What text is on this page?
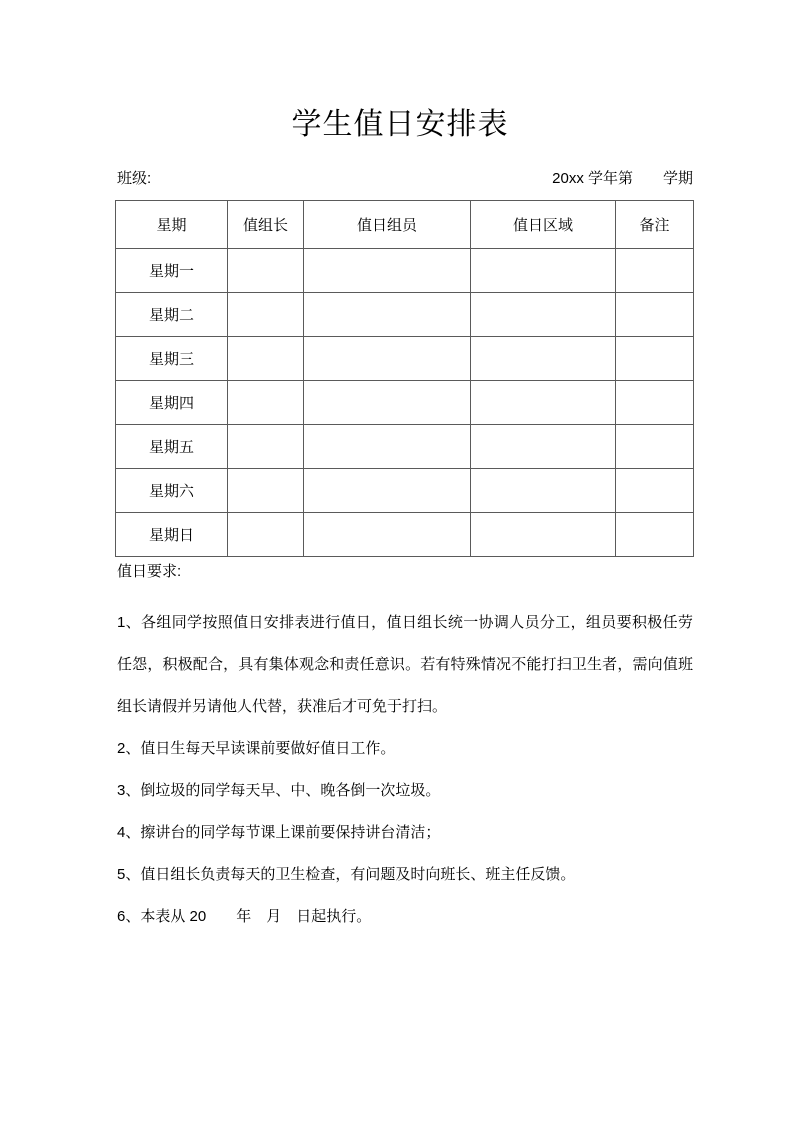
学生值日安排表
班级:	20xx 学年第　　学期
星期	值组长	值日组员	值日区域	备注
星期一				
星期二				
星期三				
星期四				
星期五				
星期六				
星期日				
值日要求:

1、各组同学按照值日安排表进行值日，值日组长统一协调人员分工，组员要积极任劳任怨，积极配合，具有集体观念和责任意识。若有特殊情况不能打扫卫生者，需向值班组长请假并另请他人代替，获准后才可免于打扫。

2、值日生每天早读课前要做好值日工作。

3、倒垃圾的同学每天早、中、晚各倒一次垃圾。

4、擦讲台的同学每节课上课前要保持讲台清洁；

5、值日组长负责每天的卫生检查，有问题及时向班长、班主任反馈。

6、本表从 20　　年　月　日起执行。
